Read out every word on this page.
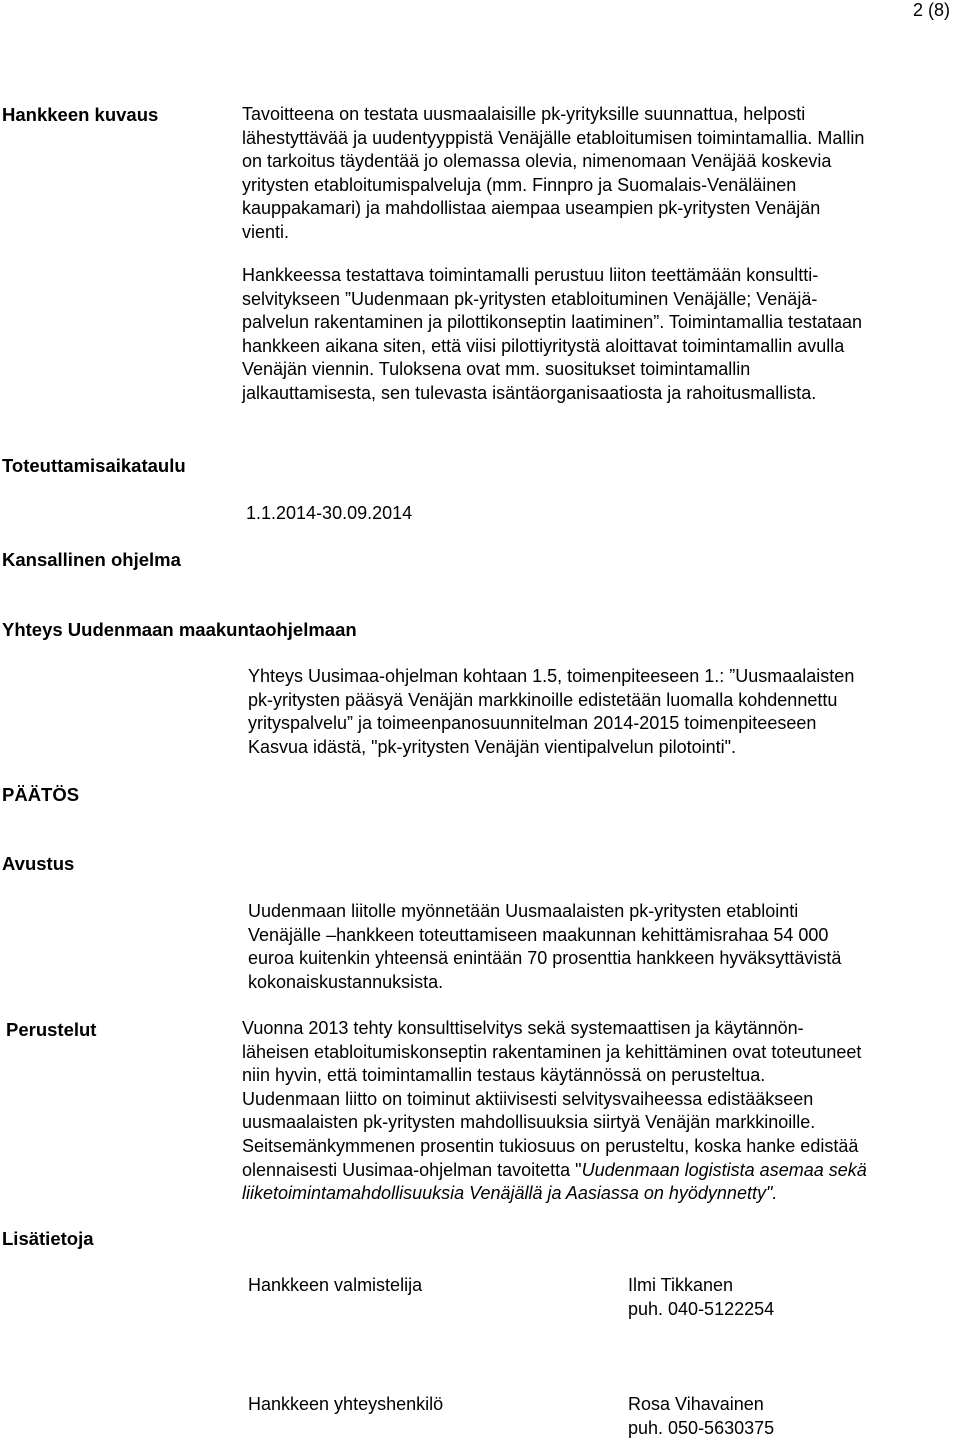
2 (8)
Hankkeen kuvaus	Tavoitteena on testata uusmaalaisille pk-yrityksille suunnattua, helposti
lähestyttävää ja uudentyyppistä Venäjälle etabloitumisen toimintamallia. Mallin
on tarkoitus täydentää jo olemassa olevia, nimenomaan Venäjää koskevia
yritysten etabloitumispalveluja (mm. Finnpro ja Suomalais-Venäläinen
kauppakamari) ja mahdollistaa aiempaa useampien pk-yritysten Venäjän
vienti.
Hankkeessa testattava toimintamalli perustuu liiton teettämään konsultti-
selvitykseen ”Uudenmaan pk-yritysten etabloituminen Venäjälle; Venäjä-
palvelun rakentaminen ja pilottikonseptin laatiminen”. Toimintamallia testataan
hankkeen aikana siten, että viisi pilottiyritystä aloittavat toimintamallin avulla
Venäjän viennin. Tuloksena ovat mm. suositukset toimintamallin
jalkauttamisesta, sen tulevasta isäntäorganisaatiosta ja rahoitusmallista.
Toteuttamisaikataulu
1.1.2014-30.09.2014
Kansallinen ohjelma
Yhteys Uudenmaan maakuntaohjelmaan
Yhteys Uusimaa-ohjelman kohtaan 1.5, toimenpiteeseen 1.: ”Uusmaalaisten
pk-yritysten pääsyä Venäjän markkinoille edistetään luomalla kohdennettu
yrityspalvelu” ja toimeenpanosuunnitelman 2014-2015 toimenpiteeseen
Kasvua idästä, "pk-yritysten Venäjän vientipalvelun pilotointi".
PÄÄTÖS
Avustus
Uudenmaan liitolle myönnetään Uusmaalaisten pk-yritysten etablointi
Venäjälle –hankkeen toteuttamiseen maakunnan kehittämisrahaa 54 000
euroa kuitenkin yhteensä enintään 70 prosenttia hankkeen hyväksyttävistä
kokonaiskustannuksista.
Perustelut	Vuonna 2013 tehty konsulttiselvitys sekä systemaattisen ja käytännön-
läheisen etabloitumiskonseptin rakentaminen ja kehittäminen ovat toteutuneet
niin hyvin, että toimintamallin testaus käytännössä on perusteltua.
Uudenmaan liitto on toiminut aktiivisesti selvitysvaiheessa edistääkseen
uusmaalaisten pk-yritysten mahdollisuuksia siirtyä Venäjän markkinoille.
Seitsemänkymmenen prosentin tukiosuus on perusteltu, koska hanke edistää
olennaisesti Uusimaa-ohjelman tavoitetta "Uudenmaan logistista asemaa sekä
liiketoimintamahdollisuuksia Venäjällä ja Aasiassa on hyödynnetty".
Lisätietoja
Hankkeen valmistelija	Ilmi Tikkanen
puh. 040-5122254
Hankkeen yhteyshenkilö	Rosa Vihavainen
puh. 050-5630375
